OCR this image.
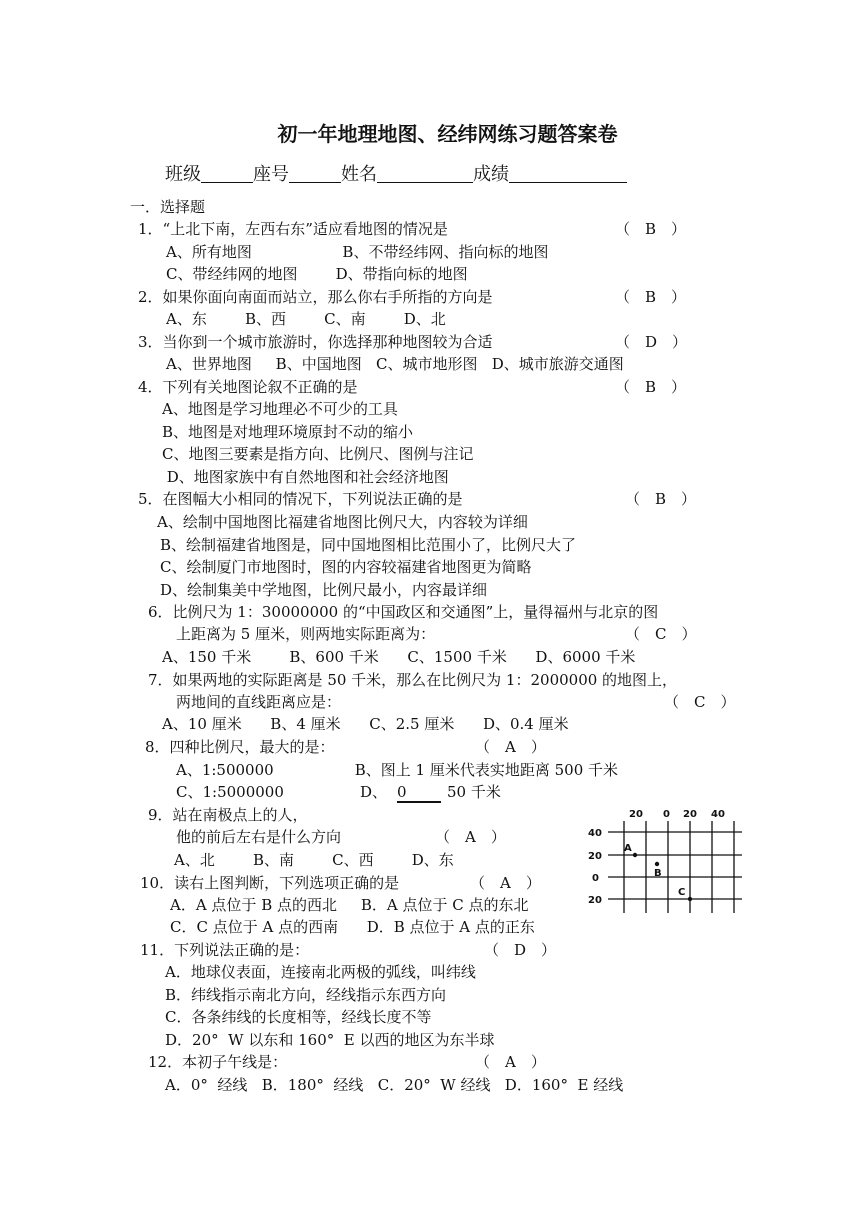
初一年地理地图、经纬网练习题答案卷
班级	座号	姓名	成绩
一．选择题
1．“上北下南，左西右东”适应看地图的情况是	（　B　）
A、所有地图                   B、不带经纬网、指向标的地图
C、带经纬网的地图        D、带指向标的地图
2．如果你面向南面而站立，那么你右手所指的方向是	（　B　）
A、东        B、西        C、南        D、北
3．当你到一个城市旅游时，你选择那种地图较为合适	（　D　）
A、世界地图     B、中国地图   C、城市地形图   D、城市旅游交通图
4．下列有关地图论叙不正确的是	（　B　）
A、地图是学习地理必不可少的工具
B、地图是对地理环境原封不动的缩小
C、地图三要素是指方向、比例尺、图例与注记
D、地图家族中有自然地图和社会经济地图
5．在图幅大小相同的情况下，下列说法正确的是	（　B　）
A、绘制中国地图比福建省地图比例尺大，内容较为详细
B、绘制福建省地图是，同中国地图相比范围小了，比例尺大了
C、绘制厦门市地图时，图的内容较福建省地图更为简略
D、绘制集美中学地图，比例尺最小，内容最详细
6．比例尺为 1：30000000 的“中国政区和交通图”上，量得福州与北京的图
上距离为 5 厘米，则两地实际距离为：	（　C　）
A、150 千米        B、600 千米      C、1500 千米      D、6000 千米
7．如果两地的实际距离是 50 千米，那么在比例尺为 1：2000000 的地图上，
两地间的直线距离应是：	（　C　）
A、10 厘米      B、4 厘米      C、2.5 厘米      D、0.4 厘米
8．四种比例尺，最大的是：	（　A　）
A、1:500000                 B、图上 1 厘米代表实地距离 500 千米
C、1:5000000	D、 0	50 千米
9．站在南极点上的人，
他的前后左右是什么方向	（　A　）
A、北        B、南        C、西        D、东
10．读右上图判断，下列选项正确的是	（　A　）
A．A 点位于 B 点的西北     B．A 点位于 C 点的东北
C．C 点位于 A 点的西南      D．B 点位于 A 点的正东
11．下列说法正确的是：	（　D　）
A．地球仪表面，连接南北两极的弧线，叫纬线
B．纬线指示南北方向，经线指示东西方向
C．各条纬线的长度相等，经线长度不等
D．20°  W 以东和 160°  E 以西的地区为东半球
12．本初子午线是：	（　A　）
A．0°  经线   B．180°  经线   C．20°  W 经线   D．160°  E 经线
20 0 20 40
40
20
0
20
A
B
C
